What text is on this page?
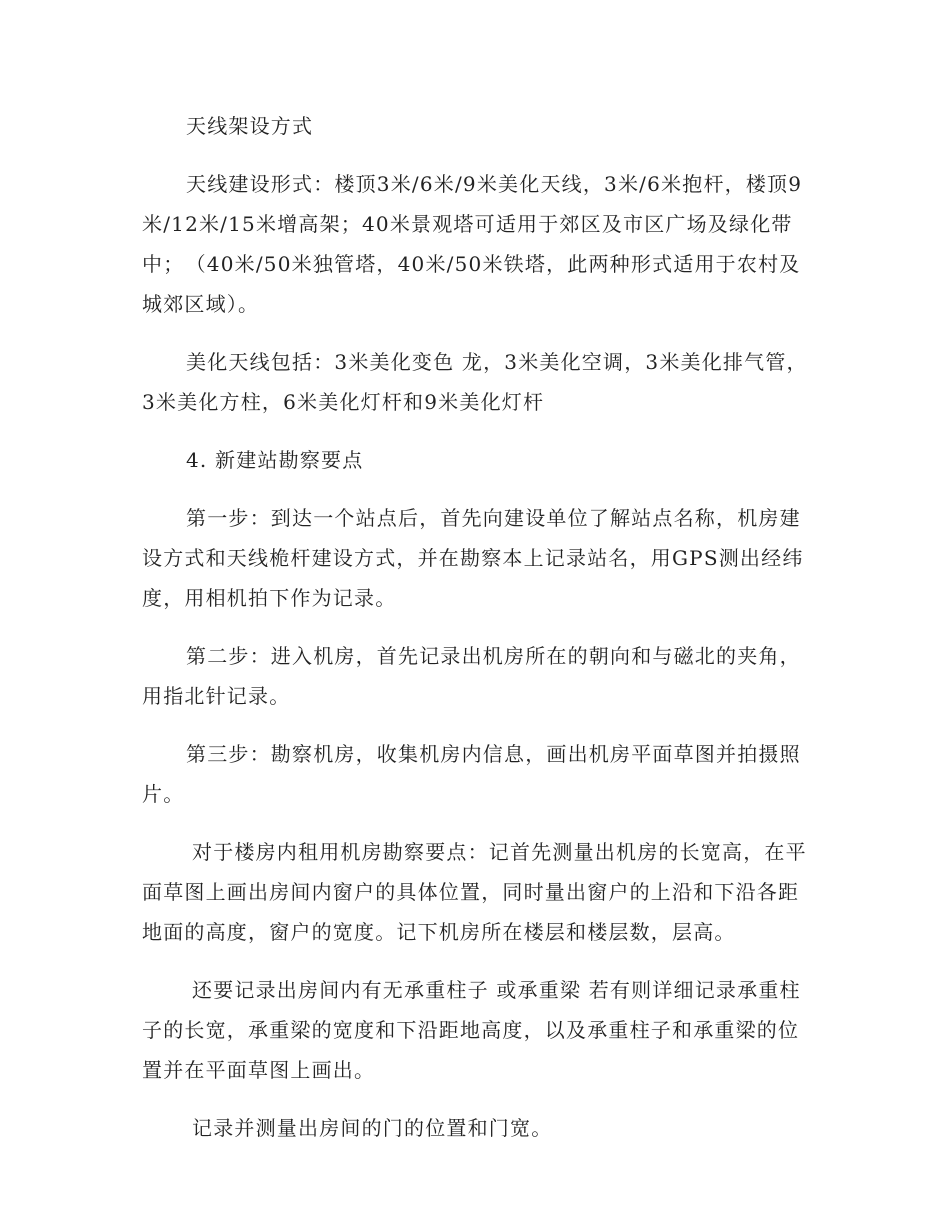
天线架设方式

天线建设形式：楼顶3米/6米/9米美化天线，3米/6米抱杆，楼顶9米/12米/15米增高架；40米景观塔可适用于郊区及市区广场及绿化带中；　（40米/50米独管塔，40米/50米铁塔，此两种形式适用于农村及城郊区域）。

美化天线包括：3米美化变色 龙，3米美化空调，3米美化排气管，3米美化方柱，6米美化灯杆和9米美化灯杆

4. 新建站勘察要点

第一步：到达一个站点后，首先向建设单位了解站点名称，机房建设方式和天线桅杆建设方式，并在勘察本上记录站名，用GPS测出经纬度，用相机拍下作为记录。

第二步：进入机房，首先记录出机房所在的朝向和与磁北的夹角，用指北针记录。

第三步：勘察机房，收集机房内信息，画出机房平面草图并拍摄照片。

对于楼房内租用机房勘察要点：记首先测量出机房的长宽高，在平面草图上画出房间内窗户的具体位置，同时量出窗户的上沿和下沿各距地面的高度，窗户的宽度。记下机房所在楼层和楼层数，层高。

还要记录出房间内有无承重柱子 或承重梁 若有则详细记录承重柱子的长宽，承重梁的宽度和下沿距地高度，以及承重柱子和承重梁的位置并在平面草图上画出。

记录并测量出房间的门的位置和门宽。
